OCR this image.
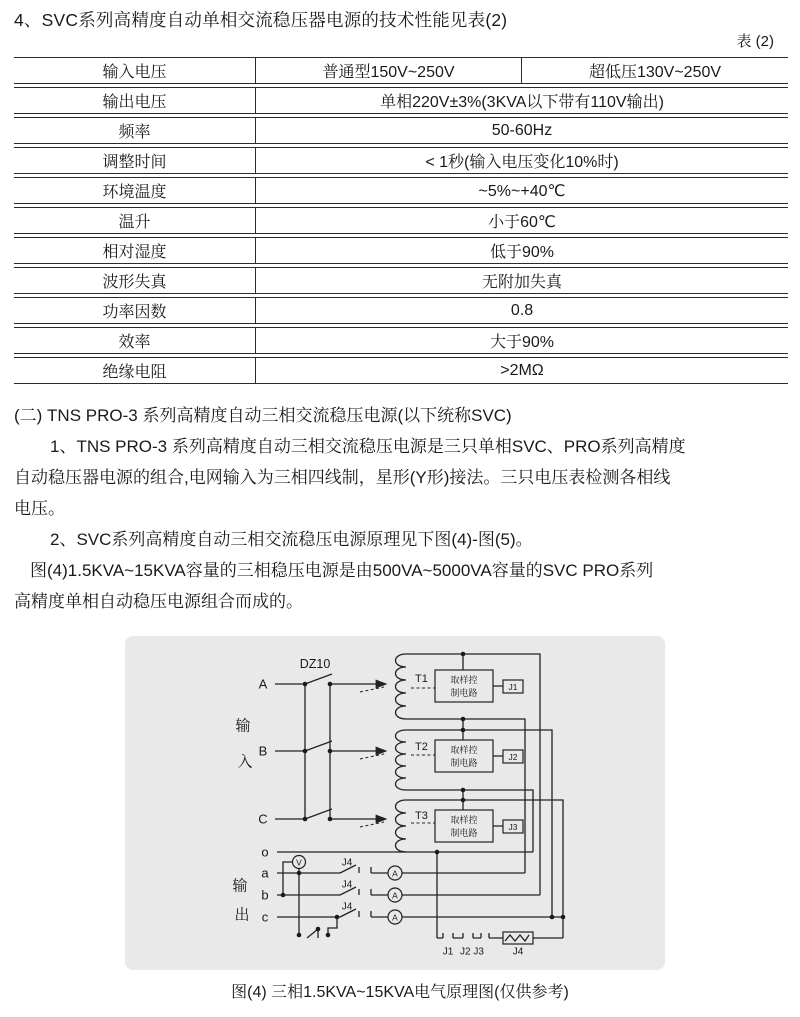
4、SVC系列高精度自动单相交流稳压器电源的技术性能见表(2)
表 (2)
输入电压	普通型150V~250V	超低压130V~250V
输出电压	单相220V±3%(3KVA以下带有110V输出)	
频率	50-60Hz	
调整时间	< 1秒(输入电压变化10%时)	
环境温度	~5%~+40℃	
温升	小于60℃	
相对湿度	低于90%	
波形失真	无附加失真	
功率因数	0.8	
效率	大于90%	
绝缘电阻	>2MΩ	
(二) TNS PRO-3 系列高精度自动三相交流稳压电源(以下统称SVC)
1、TNS PRO-3 系列高精度自动三相交流稳压电源是三只单相SVC、PRO系列高精度
自动稳压器电源的组合,电网输入为三相四线制，星形(Y形)接法。三只电压表检测各相线
电压。
2、SVC系列高精度自动三相交流稳压电源原理见下图(4)-图(5)。
图(4)1.5KVA~15KVA容量的三相稳压电源是由500VA~5000VA容量的SVC PRO系列
高精度单相自动稳压电源组合而成的。
取样控
制电路
取样控
制电路
取样控
制电路
J1
J2
J3
A
A
A
J4
J4
J4
V
J1 J2 J3	J4
DZ10
A
B
C
o
a
b
c
输
入
输
出
T1
T2
T3
图(4) 三相1.5KVA~15KVA电气原理图(仅供参考)
